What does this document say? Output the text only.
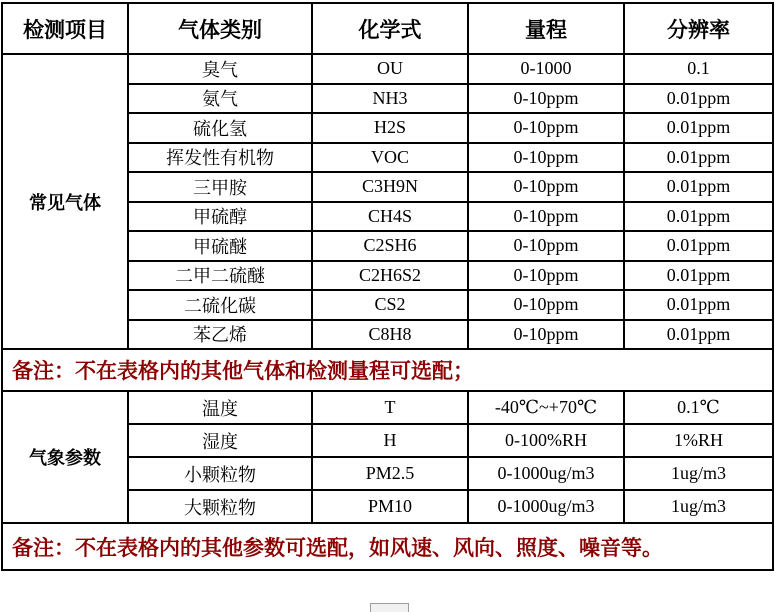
检测项目	气体类别	化学式	量程	分辨率
常见气体	臭气	OU	0-1000	0.1
	氨气	NH3	0-10ppm	0.01ppm
	硫化氢	H2S	0-10ppm	0.01ppm
	挥发性有机物	VOC	0-10ppm	0.01ppm
	三甲胺	C3H9N	0-10ppm	0.01ppm
	甲硫醇	CH4S	0-10ppm	0.01ppm
	甲硫醚	C2SH6	0-10ppm	0.01ppm
	二甲二硫醚	C2H6S2	0-10ppm	0.01ppm
	二硫化碳	CS2	0-10ppm	0.01ppm
	苯乙烯	C8H8	0-10ppm	0.01ppm
备注：不在表格内的其他气体和检测量程可选配；				
气象参数	温度	T	-40℃~+70℃	0.1℃
	湿度	H	0-100%RH	1%RH
	小颗粒物	PM2.5	0-1000ug/m3	1ug/m3
	大颗粒物	PM10	0-1000ug/m3	1ug/m3
备注：不在表格内的其他参数可选配，如风速、风向、照度、噪音等。				
